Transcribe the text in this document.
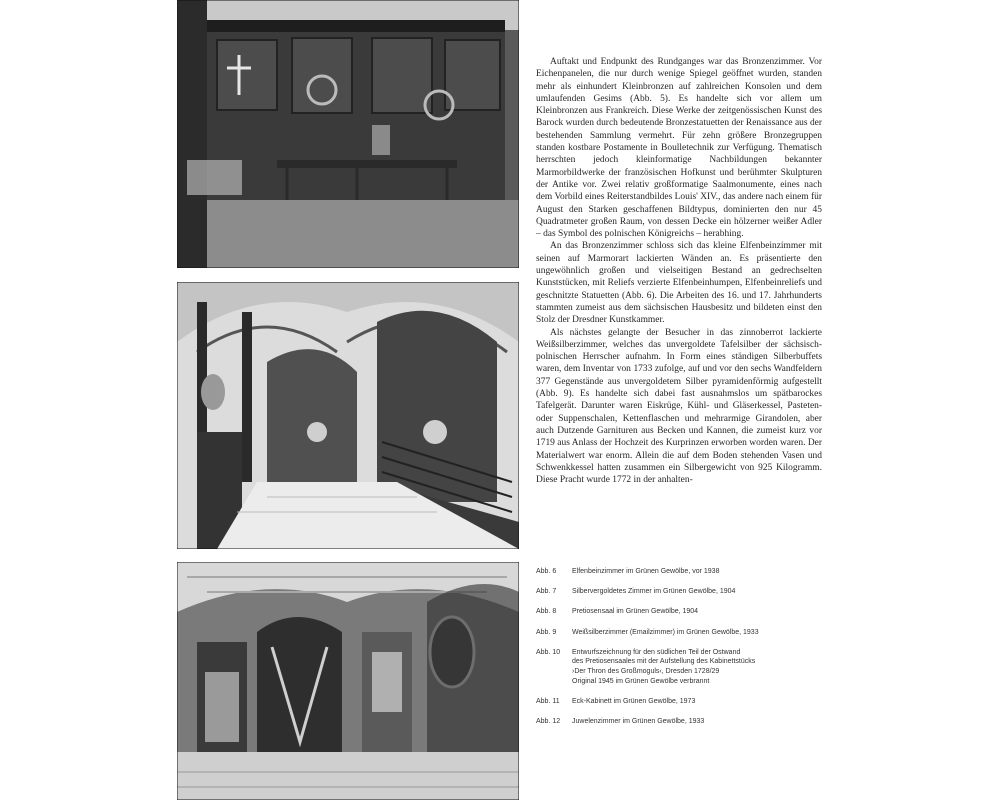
Auftakt und Endpunkt des Rundganges war das Bronzenzimmer. Vor Eichenpanelen, die nur durch wenige Spiegel geöffnet wurden, standen mehr als einhundert Kleinbronzen auf zahlreichen Konsolen und dem umlaufenden Gesims (Abb. 5). Es handelte sich vor allem um Kleinbronzen aus Frankreich. Diese Werke der zeitgenössischen Kunst des Barock wurden durch bedeutende Bronzestatuetten der Renaissance aus der bestehenden Sammlung vermehrt. Für zehn größere Bronzegruppen standen kostbare Postamente in Boulletechnik zur Verfügung. Thematisch herrschten jedoch kleinformatige Nachbildungen bekannter Marmorbildwerke der französischen Hofkunst und berühmter Skulpturen der Antike vor. Zwei relativ großformatige Saalmonumente, eines nach dem Vorbild eines Reiterstandbildes Louis' XIV., das andere nach einem für August den Starken geschaffenen Bildtypus, dominierten den nur 45 Quadratmeter großen Raum, von dessen Decke ein hölzerner weißer Adler – das Symbol des polnischen Königreichs – herabhing.

An das Bronzenzimmer schloss sich das kleine Elfenbeinzimmer mit seinen auf Marmorart lackierten Wänden an. Es präsentierte den ungewöhnlich großen und vielseitigen Bestand an gedrechselten Kunststücken, mit Reliefs verzierte Elfenbeinhumpen, Elfenbeinreliefs und geschnitzte Statuetten (Abb. 6). Die Arbeiten des 16. und 17. Jahrhunderts stammten zumeist aus dem sächsischen Hausbesitz und bildeten einst den Stolz der Dresdner Kunstkammer.

Als nächstes gelangte der Besucher in das zinnoberrot lackierte Weißsilberzimmer, welches das unvergoldete Tafelsilber der sächsisch-polnischen Herrscher aufnahm. In Form eines ständigen Silberbuffets waren, dem Inventar von 1733 zufolge, auf und vor den sechs Wandfeldern 377 Gegenstände aus unvergoldetem Silber pyramidenförmig aufgestellt (Abb. 9). Es handelte sich dabei fast ausnahmslos um spätbarockes Tafelgerät. Darunter waren Eiskrüge, Kühl- und Gläserkessel, Pasteten- oder Suppenschalen, Kettenflaschen und mehrarmige Girandolen, aber auch Dutzende Garnituren aus Becken und Kannen, die zumeist kurz vor 1719 aus Anlass der Hochzeit des Kurprinzen erworben worden waren. Der Materialwert war enorm. Allein die auf dem Boden stehenden Vasen und Schwenkkessel hatten zusammen ein Silbergewicht von 925 Kilogramm. Diese Pracht wurde 1772 in der anhalten-

Abb. 6	Elfenbeinzimmer im Grünen Gewölbe, vor 1938
Abb. 7	Silbervergoldetes Zimmer im Grünen Gewölbe, 1904
Abb. 8	Pretiosensaal im Grünen Gewölbe, 1904
Abb. 9	Weißsilberzimmer (Emailzimmer) im Grünen Gewölbe, 1933
Abb. 10	Entwurfszeichnung für den südlichen Teil der Ostwand
des Pretiosensaales mit der Aufstellung des Kabinettstücks
›Der Thron des Großmoguls‹, Dresden 1728/29
Original 1945 im Grünen Gewölbe verbrannt
Abb. 11	Eck-Kabinett im Grünen Gewölbe, 1973
Abb. 12	Juwelenzimmer im Grünen Gewölbe, 1933
